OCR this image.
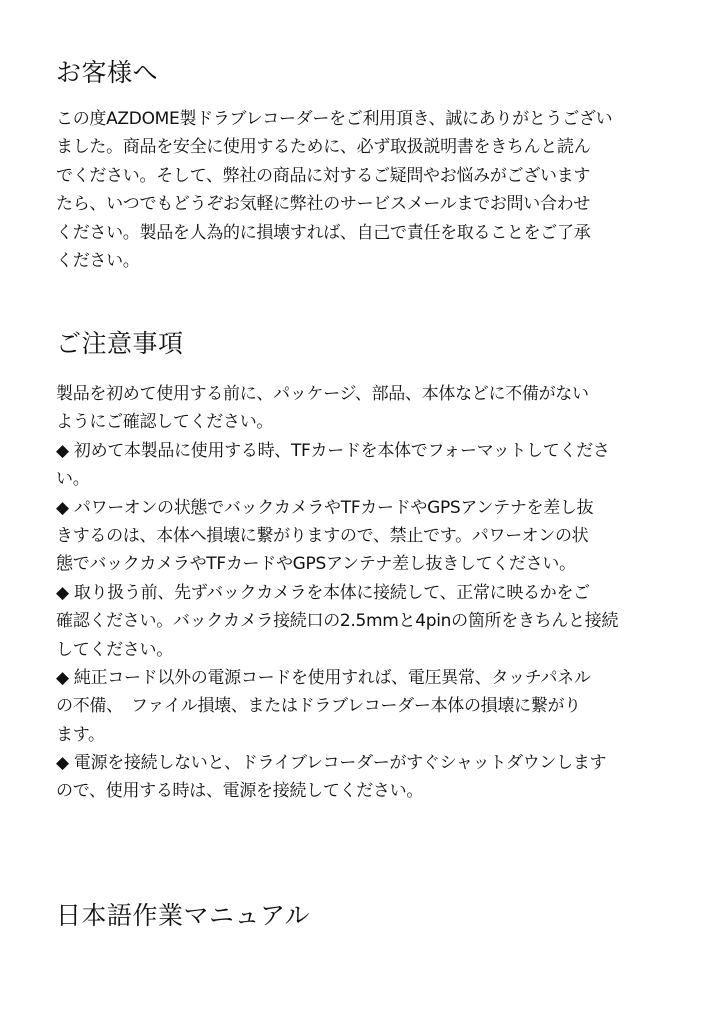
お客様へ
この度AZDOME製ドラブレコーダーをご利用頂き、誠にありがとうござい
ました。商品を安全に使用するために、必ず取扱説明書をきちんと読ん
でください。そして、弊社の商品に対するご疑問やお悩みがございます
たら、いつでもどうぞお気軽に弊社のサービスメールまでお問い合わせ
ください。製品を人為的に損壊すれば、自己で責任を取ることをご了承
ください。
ご注意事項
製品を初めて使用する前に、パッケージ、部品、本体などに不備がない
ようにご確認してください。
◆ 初めて本製品に使用する時、TFカードを本体でフォーマットしてくださ
い。
◆ パワーオンの状態でバックカメラやTFカードやGPSアンテナを差し抜
きするのは、本体へ損壊に繋がりますので、禁止です。パワーオンの状
態でバックカメラやTFカードやGPSアンテナ差し抜きしてください。
◆ 取り扱う前、先ずバックカメラを本体に接続して、正常に映るかをご
確認ください。バックカメラ接続口の2.5mmと4pinの箇所をきちんと接続
してください。
◆ 純正コード以外の電源コードを使用すれば、電圧異常、タッチパネル
の不備、　ファイル損壊、またはドラブレコーダー本体の損壊に繋がり
ます。
◆ 電源を接続しないと、ドライブレコーダーがすぐシャットダウンします
ので、使用する時は、電源を接続してください。
日本語作業マニュアル
